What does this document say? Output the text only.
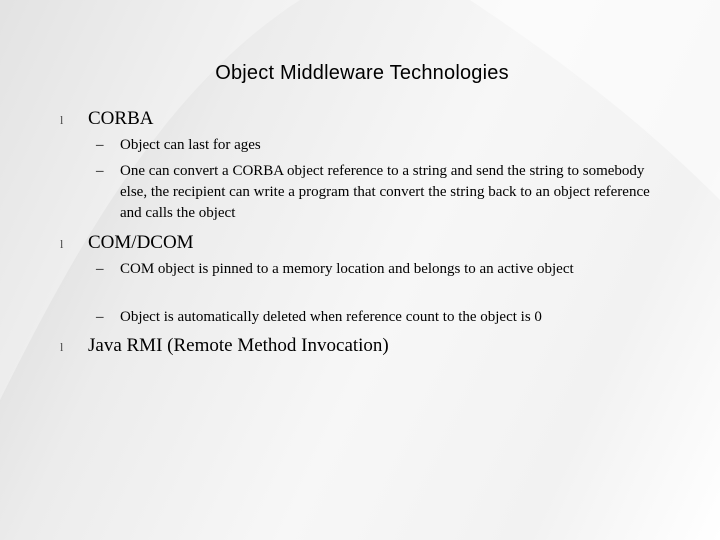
Object Middleware Technologies
l	CORBA
–	Object can last for ages
–	One can convert a CORBA object reference to a string and send the string to somebody else, the recipient can write a program that convert the string back to an object reference and calls the object
l	COM/DCOM
–	COM object is pinned to a memory location and belongs to an active object
–	Object is automatically deleted when reference count to the object is 0
l	Java RMI (Remote Method Invocation)
